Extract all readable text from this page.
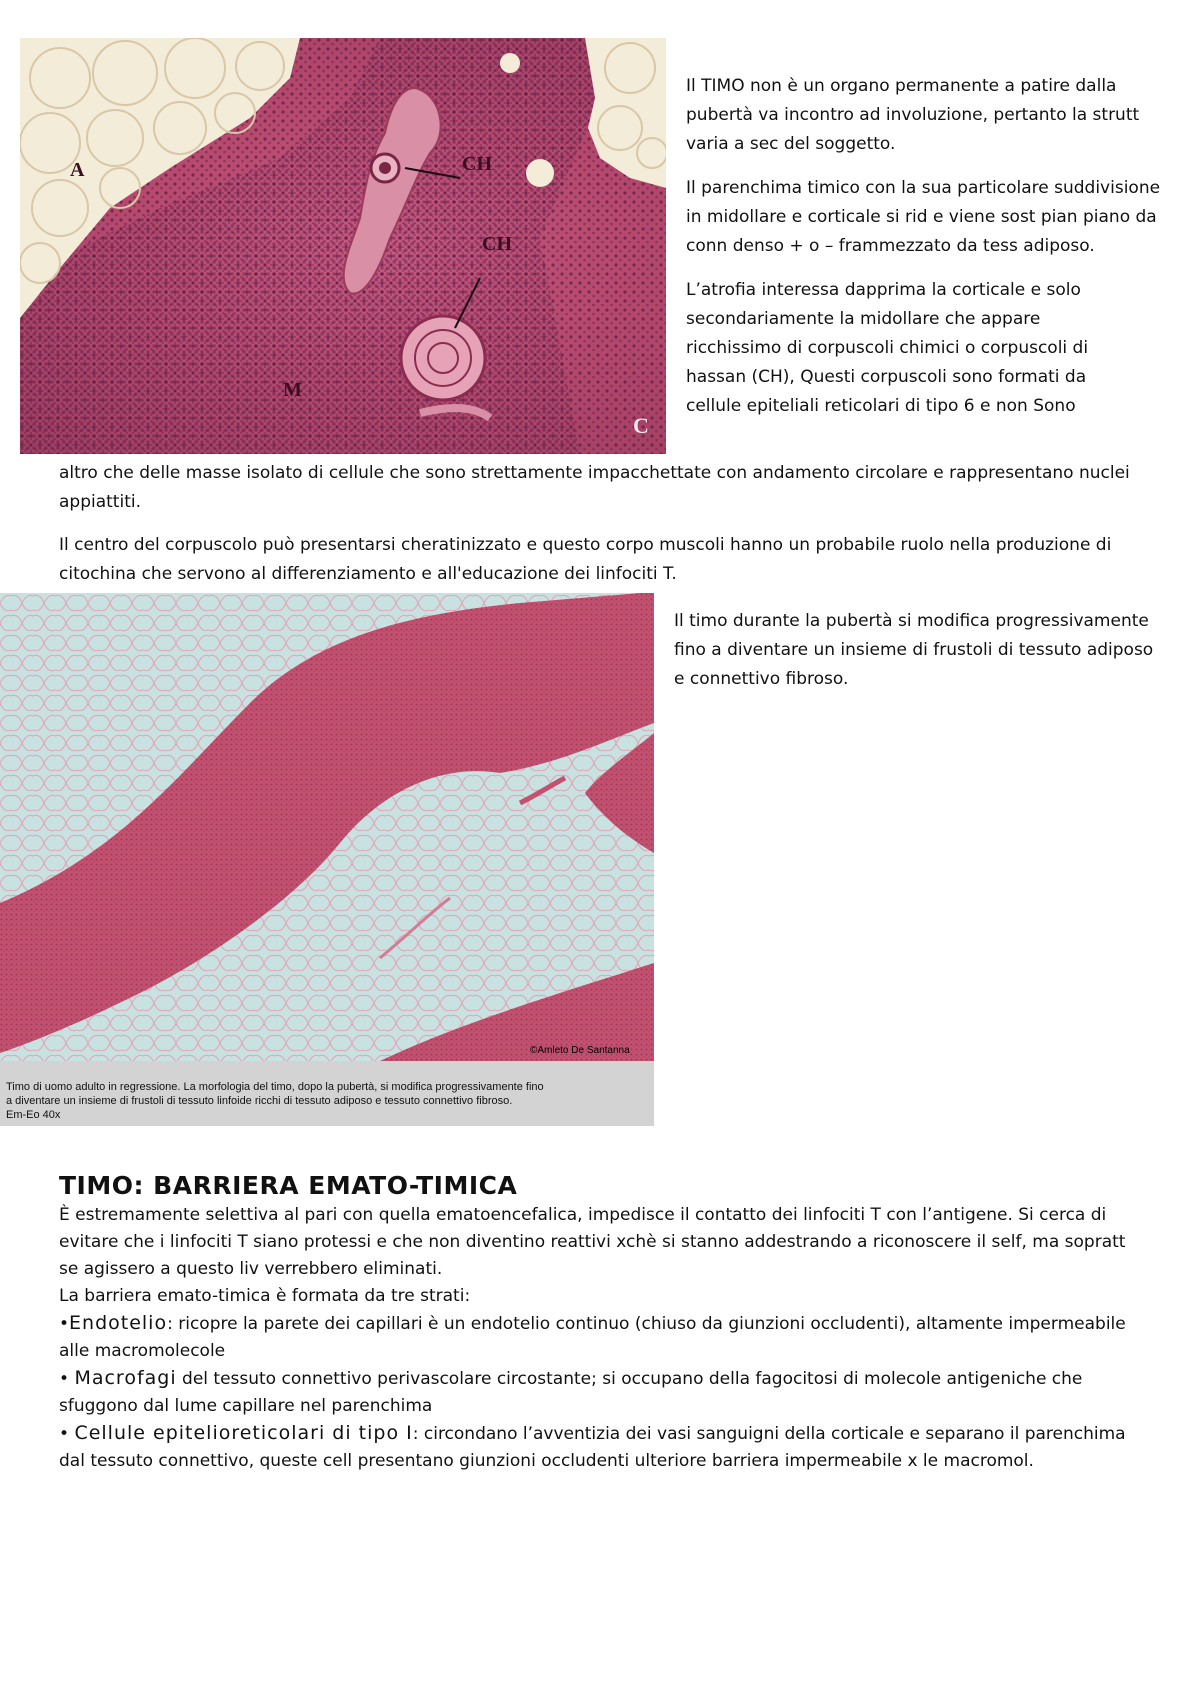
A	CH
CH
M
C

Il TIMO non è un organo permanente a patire dalla pubertà va incontro ad involuzione, pertanto la strutt varia a sec del soggetto.

Il parenchima timico con la sua particolare suddivisione in midollare e corticale si rid e viene sost pian piano da conn denso + o – frammezzato da tess adiposo.

L’atrofia interessa dapprima la corticale e solo
secondariamente la midollare che appare
ricchissimo di corpuscoli chimici o corpuscoli di
hassan (CH), Questi corpuscoli sono formati da
cellule epiteliali reticolari di tipo 6 e non Sono

altro che delle masse isolato di cellule che sono strettamente impacchettate con andamento circolare e rappresentano nuclei appiattiti.

Il centro del corpuscolo può presentarsi cheratinizzato e questo corpo muscoli hanno un probabile ruolo nella produzione di citochina che servono al differenziamento e all'educazione dei linfociti T.

©Amleto De Santanna
Timo di uomo adulto in regressione. La morfologia del timo, dopo la pubertà, si modifica progressivamente fino
a diventare un insieme di frustoli di tessuto linfoide ricchi di tessuto adiposo e tessuto connettivo fibroso.
Em-Eo 40x

Il timo durante la pubertà si modifica progressivamente fino a diventare un insieme di frustoli di tessuto adiposo e connettivo fibroso.

TIMO: BARRIERA EMATO-TIMICA

È estremamente selettiva al pari con quella ematoencefalica, impedisce il contatto dei linfociti T con l’antigene. Si cerca di evitare che i linfociti T siano protessi e che non diventino reattivi xchè si stanno addestrando a riconoscere il self, ma sopratt se agissero a questo liv verrebbero eliminati.

La barriera emato-timica è formata da tre strati:

•Endotelio: ricopre la parete dei capillari è un endotelio continuo (chiuso da giunzioni occludenti), altamente impermeabile alle macromolecole

• Macrofagi del tessuto connettivo perivascolare circostante; si occupano della fagocitosi di molecole antigeniche che sfuggono dal lume capillare nel parenchima

• Cellule epitelioreticolari di tipo I: circondano l’avventizia dei vasi sanguigni della corticale e separano il parenchima dal tessuto connettivo, queste cell presentano giunzioni occludenti ulteriore barriera impermeabile x le macromol.
